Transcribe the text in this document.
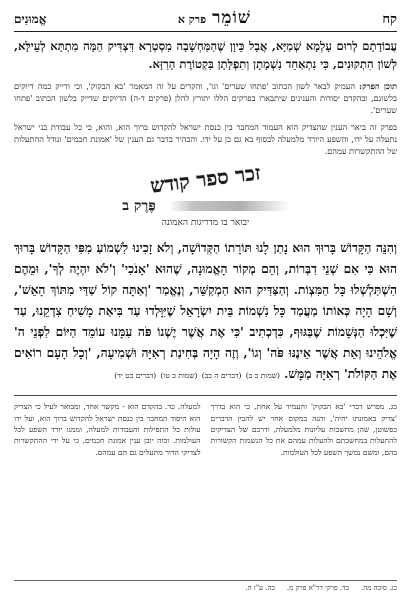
קח
שׁוֹמֵר
פרק א
אֱמוּנִים

עֲבוֹדָתָם לְרוּם עָלְמָא שְׁמַיָּא, אֲבָל כֵּיוָן שֶׁהַמַּחְשָׁבָה מִסְטְרָא דִּצְדִּיק הַמָּה מִתְתָּא לְעֵילָּא, לְשׁוֹן הִתְקוּנִים, כִּי נִתְאַחֵד נִשְׁמָתָן וְתִפְלָּתָן בִּקְטוֹרֶת הָרַזָּא.

תוכן הפרק: העמיק לבאר לשון הכתוב 'פתחו שערים' וגו', והקדים על זה המאמר 'בא הבקוק', וכי ודייק כמה דיוקים בלשונם, ובהקדם יסודות והענינים שיתבארו בפרקים הללו יתורץ להלן (פרקים ד-ה) הדיוקים שדייק בלשון הכתוב 'פתחו שערים'.

בפרק זה ביאר הענין שהצדיק הוא העמוד המחבר בין כנסת ישראל להקדוש ברוך הוא, והוא, כי כל עבודת בני ישראל נתעלה על ידו, והשפע היורד מלמעלה לבסוף בא גם כן על ידו. והבהיר בדבר גם הענין של 'אמונת חכמים' ונודל ההתעלות של ההתקשרות עמהם.

זכר ספר קודש
פֶּרֶק ב
יבואר בו מדריגות האמונה
וְהִנֵּה הַקָּדוֹשׁ בָּרוּךְ הוּא נָתַן לָנוּ תּוֹרָתוֹ הַקְּדוֹשָׁה, וְלֹא זָכִינוּ לִשְׁמוֹעַ מִפִּי הַקָּדוֹשׁ בָּרוּךְ הוּא כִּי אִם שְׁנֵי דִבְּרוֹת, וְהֵם מְקוֹר הָאֱמוּנָה, שֶׁהוּא 'אָנֹכִי' וְ'לֹא יִהְיֶה לְךָ', וּמֵהֶם הִשְׁתַּלְשְׁלוּ כָּל הַמִּצְוֹת. וְהַצַּדִּיק הוּא הַמְקַשֵּׁר, וְנֶאֱמַר 'וְאַתָּה קוֹל שַׁדַּי מִתּוֹךְ הָאֵשׁ', וְשָׁם הָיָה כְּאוֹתוֹ מַעֲמַד כָּל נִשְׁמוֹת בֵּית יִשְׂרָאֵל שֶׁיִּוָּלְדוּ עַד בִּיאַת מָשִׁיחַ צִדְקֵנוּ, עַד שֶׁיִּכְלוּ הַנְּשָׁמוֹת שֶׁבַּגּוּף, כִּדְכְתִיב 'כִּי אֶת אֲשֶׁר יֶשְׁנוֹ פֹּה עִמָּנוּ עוֹמֵד הַיּוֹם לִפְנֵי ה' אֱלֹהֵינוּ וְאֵת אֲשֶׁר אֵינֶנּוּ פֹּה' וְגוֹ', וְזֶה הָיָה בְּחִינַת רְאִיָּה וּשְׁמִיעָה, 'וְכָל הָעָם רוֹאִים אֶת הַקּוֹלֹת' רְאִיָּה מַמָּשׁ. (שמות כ ב) (דברים ה כב) (שמות כ טו) (דברים כט יד)
כג. מפרש דברי 'בא הבקוק' והעמיד על אחת, כי הוא בדרך 'צדיק באמונתו יחיה', והנה במקום אחר יש להבין הדברים כפשוטן, שהן מחשבות עליונות מלמעלה, ודרכם של הצדיקים להתעלות במחשבתם ולהעלות עמהם את כל הנשמות הקשורות בהם, ומשם נמשך השפע לכל העולמות.
למעלה. כד. בהקדם הוא - מקשר אחד, ומבואר לעיל כי הצדיק הוא היסוד המחבר בין כנסת ישראל להקדוש ברוך הוא, ועל ידו עולות כל התפילות והעבודות למעלה, וממנו יורד השפע לכל העולמות. ובזה יובן ענין אמונת חכמים, כי על ידי ההתקשרות לצדיקי הדור מתעלים גם הם עמהם.
כג. סוכה מה.
כד. פרקי דר"א פרק מ.
כה. ע"ז ה.
